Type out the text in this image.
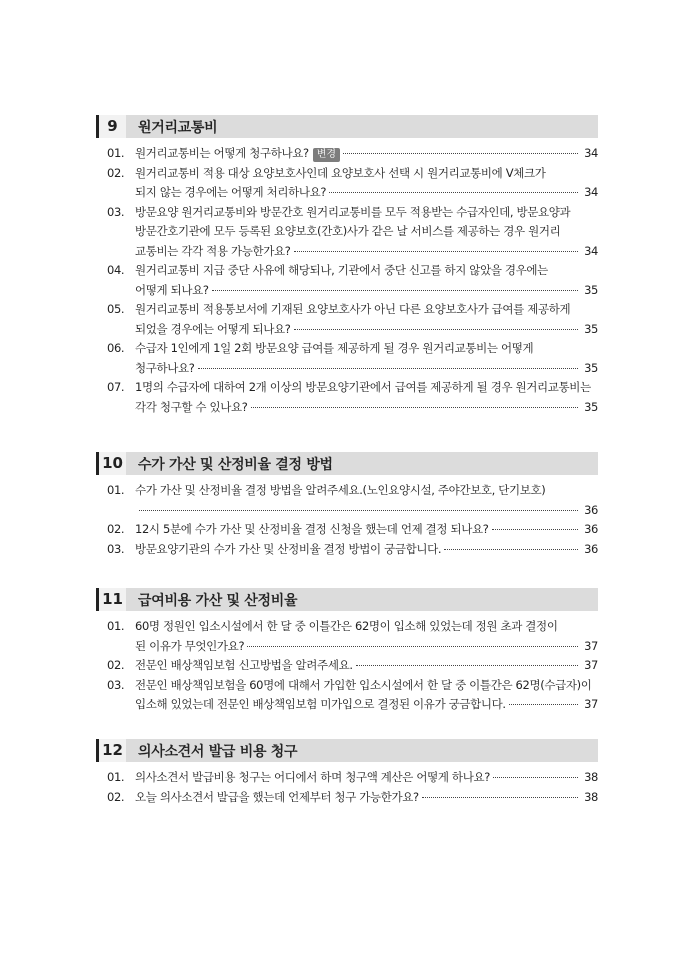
9	원거리교통비
01. 원거리교통비는 어떻게 청구하나요? 변경	34
02. 원거리교통비 적용 대상 요양보호사인데 요양보호사 선택 시 원거리교통비에 V체크가
되지 않는 경우에는 어떻게 처리하나요?	34
03. 방문요양 원거리교통비와 방문간호 원거리교통비를 모두 적용받는 수급자인데, 방문요양과
방문간호기관에 모두 등록된 요양보호(간호)사가 같은 날 서비스를 제공하는 경우 원거리
교통비는 각각 적용 가능한가요?	34
04. 원거리교통비 지급 중단 사유에 해당되나, 기관에서 중단 신고를 하지 않았을 경우에는
어떻게 되나요?	35
05. 원거리교통비 적용통보서에 기재된 요양보호사가 아닌 다른 요양보호사가 급여를 제공하게
되었을 경우에는 어떻게 되나요?	35
06. 수급자 1인에게 1일 2회 방문요양 급여를 제공하게 될 경우 원거리교통비는 어떻게
청구하나요?	35
07. 1명의 수급자에 대하여 2개 이상의 방문요양기관에서 급여를 제공하게 될 경우 원거리교통비는
각각 청구할 수 있나요?	35
10	수가 가산 및 산정비율 결정 방법
01. 수가 가산 및 산정비율 결정 방법을 알려주세요.(노인요양시설, 주야간보호, 단기보호)
36
02. 12시 5분에 수가 가산 및 산정비율 결정 신청을 했는데 언제 결정 되나요?	36
03. 방문요양기관의 수가 가산 및 산정비율 결정 방법이 궁금합니다.	36
11	급여비용 가산 및 산정비율
01. 60명 정원인 입소시설에서 한 달 중 이틀간은 62명이 입소해 있었는데 정원 초과 결정이
된 이유가 무엇인가요?	37
02. 전문인 배상책임보험 신고방법을 알려주세요.	37
03. 전문인 배상책임보험을 60명에 대해서 가입한 입소시설에서 한 달 중 이틀간은 62명(수급자)이
입소해 있었는데 전문인 배상책임보험 미가입으로 결정된 이유가 궁금합니다.	37
12	의사소견서 발급 비용 청구
01. 의사소견서 발급비용 청구는 어디에서 하며 청구액 계산은 어떻게 하나요?	38
02. 오늘 의사소견서 발급을 했는데 언제부터 청구 가능한가요?	38
